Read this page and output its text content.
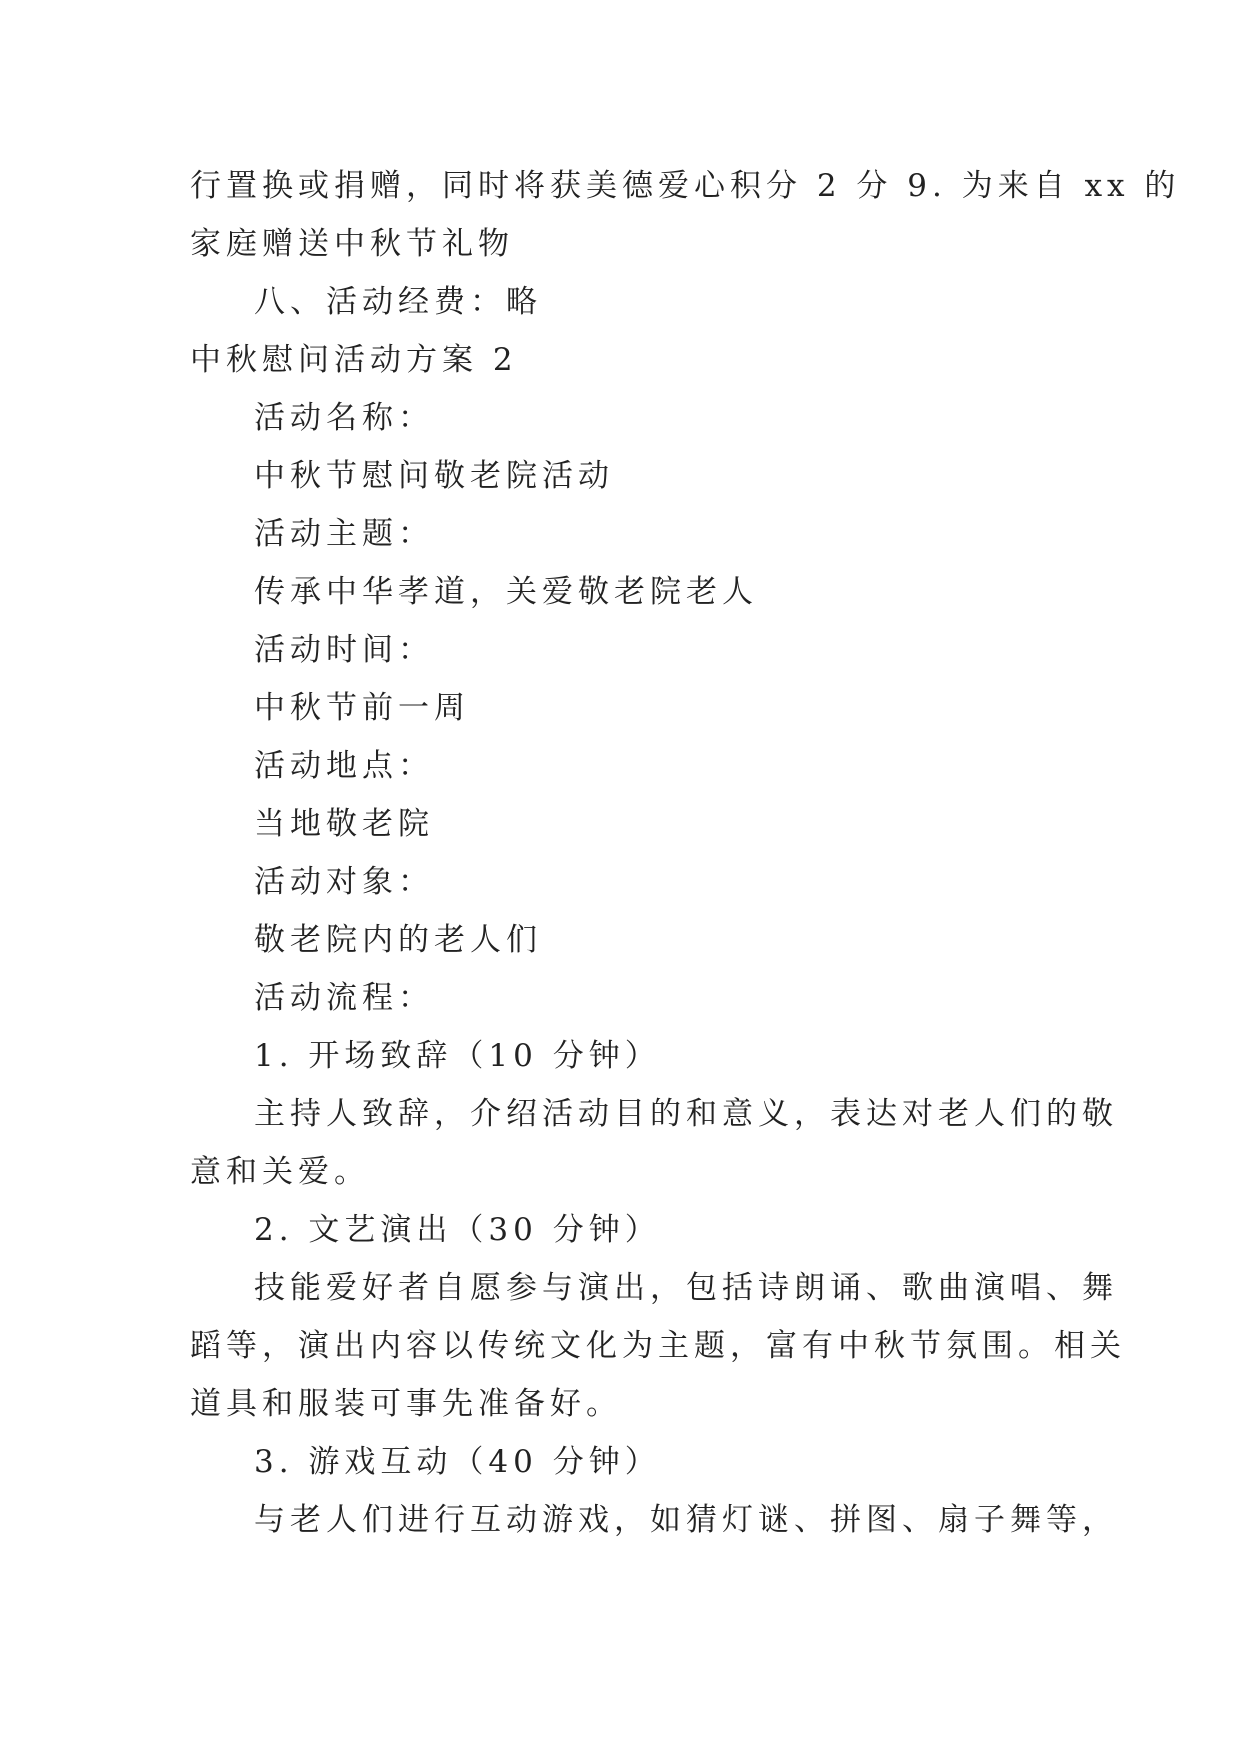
行置换或捐赠，同时将获美德爱心积分 2 分 9. 为来自 xx 的
家庭赠送中秋节礼物
八、活动经费：略
中秋慰问活动方案 2
活动名称：
中秋节慰问敬老院活动
活动主题：
传承中华孝道，关爱敬老院老人
活动时间：
中秋节前一周
活动地点：
当地敬老院
活动对象：
敬老院内的老人们
活动流程：
1. 开场致辞（10 分钟）
主持人致辞，介绍活动目的和意义，表达对老人们的敬
意和关爱。
2. 文艺演出（30 分钟）
技能爱好者自愿参与演出，包括诗朗诵、歌曲演唱、舞
蹈等，演出内容以传统文化为主题，富有中秋节氛围。相关
道具和服装可事先准备好。
3. 游戏互动（40 分钟）
与老人们进行互动游戏，如猜灯谜、拼图、扇子舞等，
